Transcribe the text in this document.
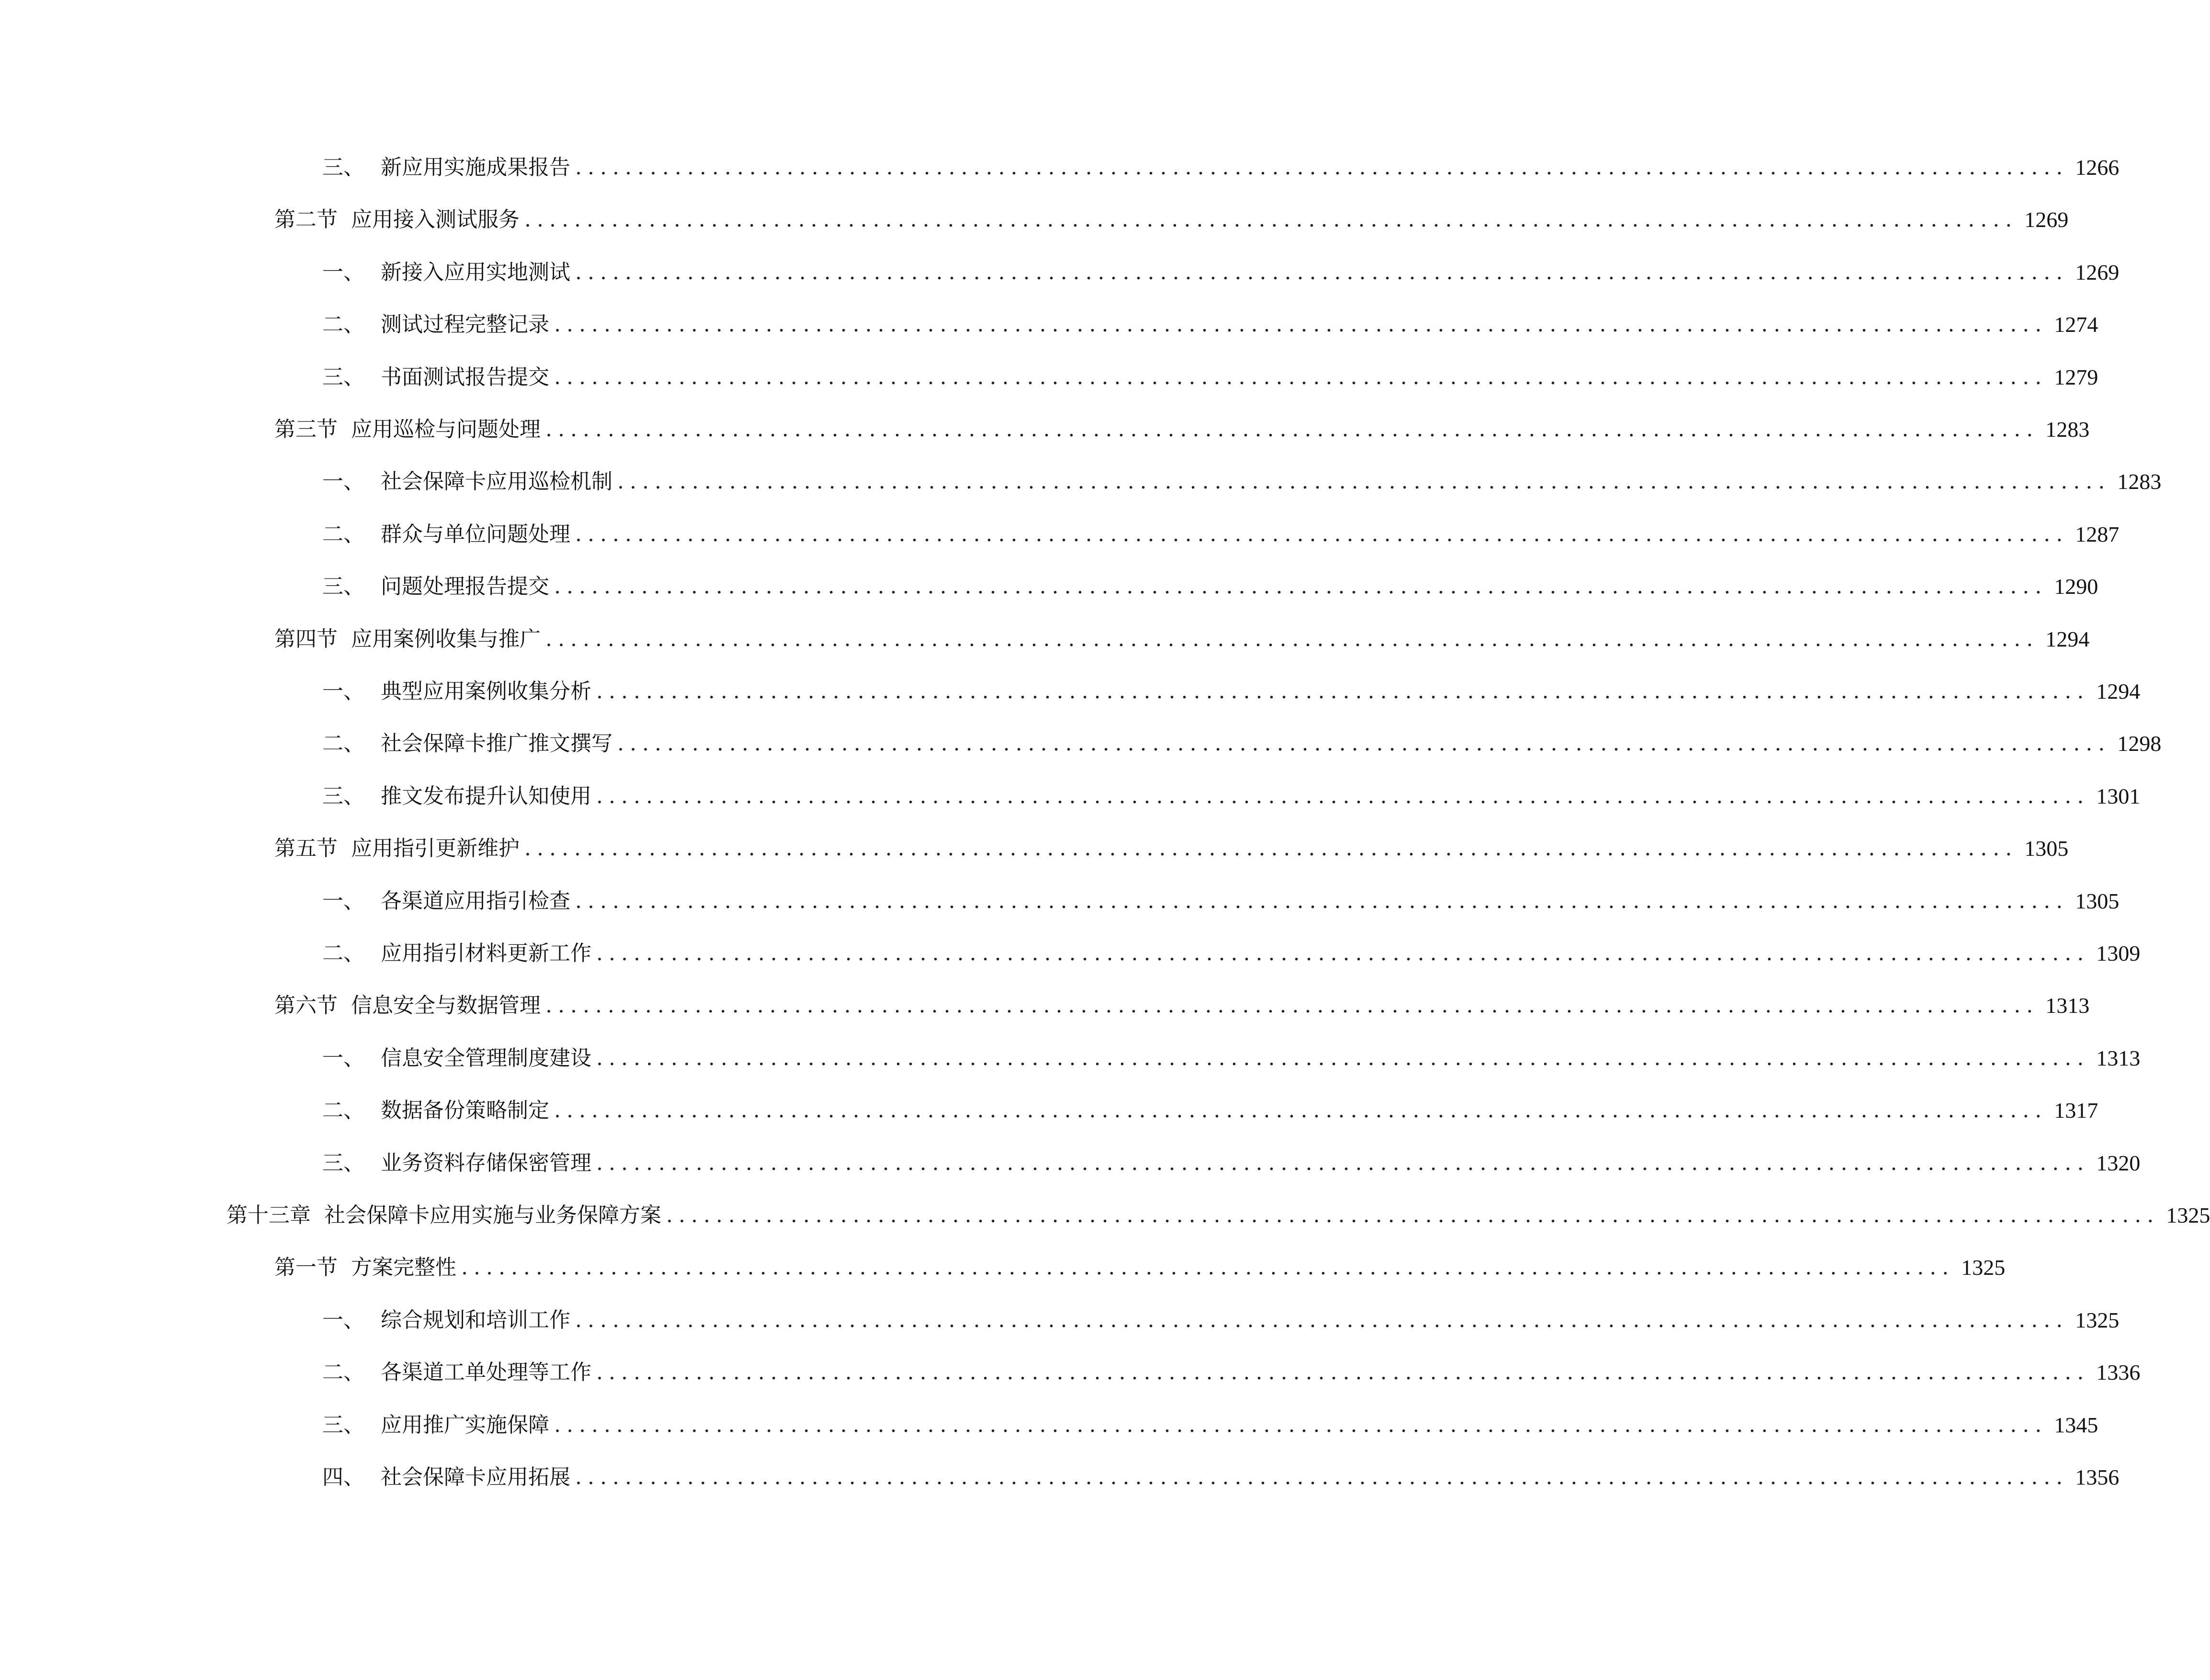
三、 新应用实施成果报告 ........................................................................................................................ 1266
第二节 应用接入测试服务 ........................................................................................................................ 1269
一、 新接入应用实地测试 ........................................................................................................................ 1269
二、 测试过程完整记录 ........................................................................................................................ 1274
三、 书面测试报告提交 ........................................................................................................................ 1279
第三节 应用巡检与问题处理 ........................................................................................................................ 1283
一、 社会保障卡应用巡检机制 ........................................................................................................................ 1283
二、 群众与单位问题处理 ........................................................................................................................ 1287
三、 问题处理报告提交 ........................................................................................................................ 1290
第四节 应用案例收集与推广 ........................................................................................................................ 1294
一、 典型应用案例收集分析 ........................................................................................................................ 1294
二、 社会保障卡推广推文撰写 ........................................................................................................................ 1298
三、 推文发布提升认知使用 ........................................................................................................................ 1301
第五节 应用指引更新维护 ........................................................................................................................ 1305
一、 各渠道应用指引检查 ........................................................................................................................ 1305
二、 应用指引材料更新工作 ........................................................................................................................ 1309
第六节 信息安全与数据管理 ........................................................................................................................ 1313
一、 信息安全管理制度建设 ........................................................................................................................ 1313
二、 数据备份策略制定 ........................................................................................................................ 1317
三、 业务资料存储保密管理 ........................................................................................................................ 1320
第十三章 社会保障卡应用实施与业务保障方案 ........................................................................................................................ 1325
第一节 方案完整性 ........................................................................................................................ 1325
一、 综合规划和培训工作 ........................................................................................................................ 1325
二、 各渠道工单处理等工作 ........................................................................................................................ 1336
三、 应用推广实施保障 ........................................................................................................................ 1345
四、 社会保障卡应用拓展 ........................................................................................................................ 1356
